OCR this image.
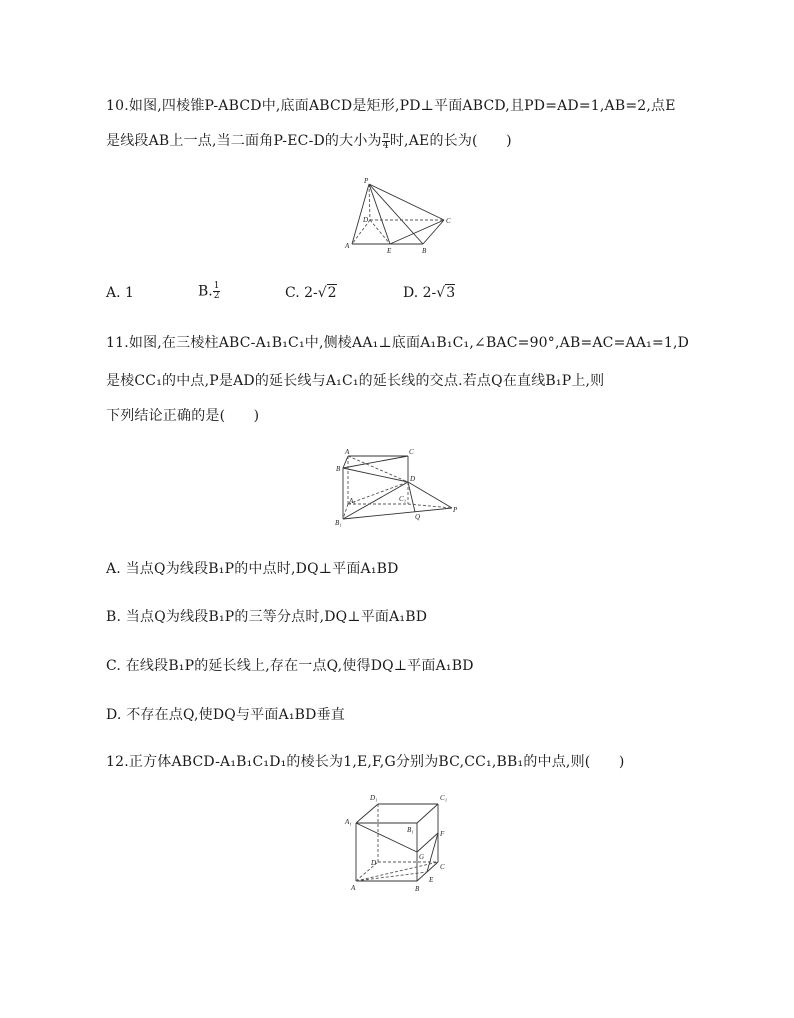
10.如图,四棱锥P-ABCD中,底面ABCD是矩形,PD⊥平面ABCD,且PD=AD=1,AB=2,点E
是线段AB上一点,当二面角P-EC-D的大小为 $\frac{\pi}{4}$ 时,AE的长为(　　)
P
D	C
A
E	B
A. 1	B. $\frac{1}{2}$	C. 2-√2	D. 2-√3
11.如图,在三棱柱ABC-A₁B₁C₁中,侧棱AA₁⊥底面A₁B₁C₁,∠BAC=90°,AB=AC=AA₁=1,D
是棱CC₁的中点,P是AD的延长线与A₁C₁的延长线的交点.若点Q在直线B₁P上,则
下列结论正确的是(　　)
A	C
B
D
A₁	C₁
Q
P
B₁
A. 当点Q为线段B₁P的中点时,DQ⊥平面A₁BD
B. 当点Q为线段B₁P的三等分点时,DQ⊥平面A₁BD
C. 在线段B₁P的延长线上,存在一点Q,使得DQ⊥平面A₁BD
D. 不存在点Q,使DQ与平面A₁BD垂直
12.正方体ABCD-A₁B₁C₁D₁的棱长为1,E,F,G分别为BC,CC₁,BB₁的中点,则(　　)
D₁	C₁
A₁
B₁	F
G
D	C
A	B
E
